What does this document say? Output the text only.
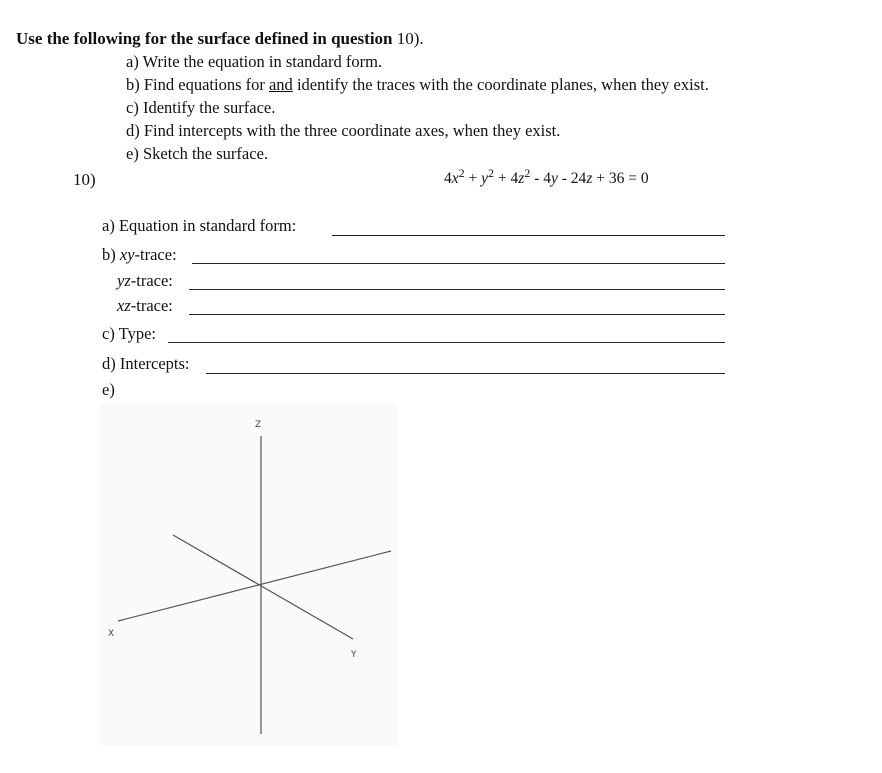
Use the following for the surface defined in question 10).
a) Write the equation in standard form.
b) Find equations for and identify the traces with the coordinate planes, when they exist.
c) Identify the surface.
d) Find intercepts with the three coordinate axes, when they exist.
e) Sketch the surface.
10)	$4x^2 + y^2 + 4z^2 - 4y - 24z + 36 = 0$
a) Equation in standard form:
b) xy-trace:
yz-trace:
xz-trace:
c) Type:
d) Intercepts:
e)
Z
X
Y
